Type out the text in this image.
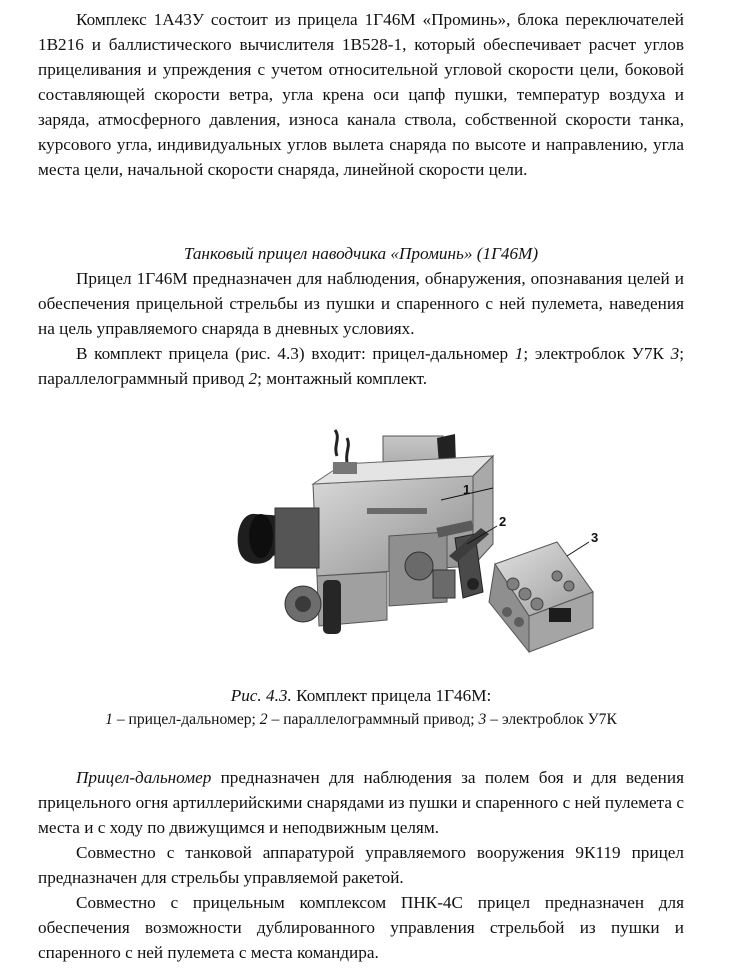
Комплекс 1А43У состоит из прицела 1Г46М «Проминь», блока переключателей 1В216 и баллистического вычислителя 1В528-1, который обеспечивает расчет углов прицеливания и упреждения с учетом относительной угловой скорости цели, боковой составляющей скорости ветра, угла крена оси цапф пушки, температур воздуха и заряда, атмосферного давления, износа канала ствола, собственной скорости танка, курсового угла, индивидуальных углов вылета снаряда по высоте и направлению, угла места цели, начальной скорости снаряда, линейной скорости цели.

Танковый прицел наводчика «Проминь» (1Г46М)

Прицел 1Г46М предназначен для наблюдения, обнаружения, опознавания целей и обеспечения прицельной стрельбы из пушки и спаренного с ней пулемета, наведения на цель управляемого снаряда в дневных условиях.

В комплект прицела (рис. 4.3) входит: прицел-дальномер 1; электроблок У7К 3; параллелограммный привод 2; монтажный комплект.

1
2
3
Рис. 4.3. Комплект прицела 1Г46М:
1 – прицел-дальномер; 2 – параллелограммный привод; 3 – электроблок У7К

Прицел-дальномер предназначен для наблюдения за полем боя и для ведения прицельного огня артиллерийскими снарядами из пушки и спаренного с ней пулемета с места и с ходу по движущимся и неподвижным целям.

Совместно с танковой аппаратурой управляемого вооружения 9К119 прицел предназначен для стрельбы управляемой ракетой.

Совместно с прицельным комплексом ПНК-4С прицел предназначен для обеспечения возможности дублированного управления стрельбой из пушки и спаренного с ней пулемета с места командира.
